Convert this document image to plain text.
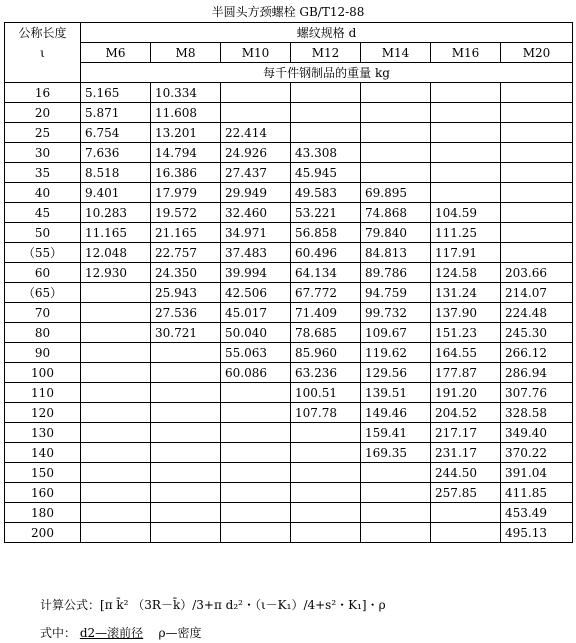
半圆头方颈螺栓 GB/T12-88
公称长度
ι	螺纹规格 d						
	M6	M8	M10	M12	M14	M16	M20
	每千件钢制品的重量 kg						
16	5.165	10.334					
20	5.871	11.608					
25	6.754	13.201	22.414				
30	7.636	14.794	24.926	43.308			
35	8.518	16.386	27.437	45.945			
40	9.401	17.979	29.949	49.583	69.895		
45	10.283	19.572	32.460	53.221	74.868	104.59	
50	11.165	21.165	34.971	56.858	79.840	111.25	
（55）	12.048	22.757	37.483	60.496	84.813	117.91	
60	12.930	24.350	39.994	64.134	89.786	124.58	203.66
（65）		25.943	42.506	67.772	94.759	131.24	214.07
70		27.536	45.017	71.409	99.732	137.90	224.48
80		30.721	50.040	78.685	109.67	151.23	245.30
90			55.063	85.960	119.62	164.55	266.12
100			60.086	63.236	129.56	177.87	286.94
110				100.51	139.51	191.20	307.76
120				107.78	149.46	204.52	328.58
130					159.41	217.17	349.40
140					169.35	231.17	370.22
150						244.50	391.04
160						257.85	411.85
180							453.49
200							495.13
计算公式：[π k̄² （3R－k̄）/3+π d₂²・（ι－K₁）/4+s²・K₁]・ρ
式中： d2—滚前径 ρ—密度
